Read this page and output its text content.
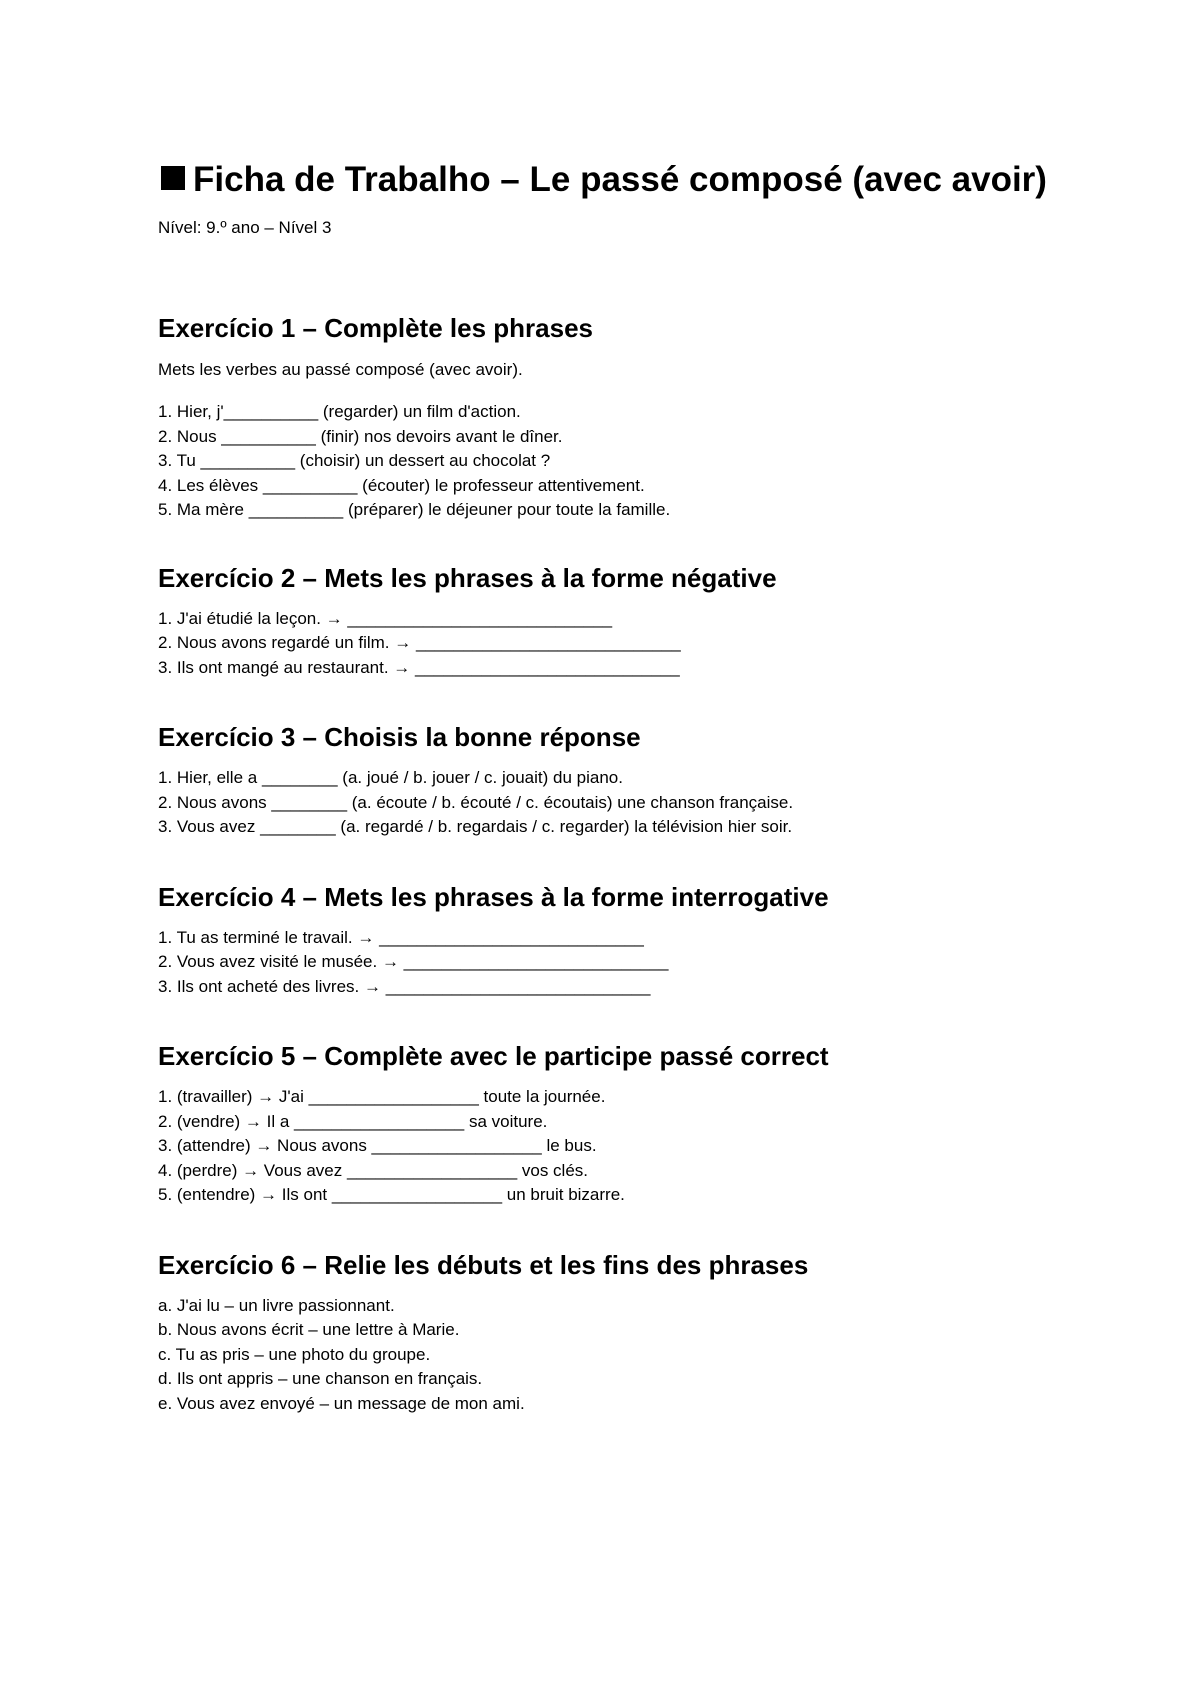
Ficha de Trabalho – Le passé composé (avec avoir)

Nível: 9.º ano – Nível 3

Exercício 1 – Complète les phrases

Mets les verbes au passé composé (avec avoir).

1. Hier, j'__________ (regarder) un film d'action.
2. Nous __________ (finir) nos devoirs avant le dîner.
3. Tu __________ (choisir) un dessert au chocolat ?
4. Les élèves __________ (écouter) le professeur attentivement.
5. Ma mère __________ (préparer) le déjeuner pour toute la famille.
Exercício 2 – Mets les phrases à la forme négative
1. J'ai étudié la leçon. → ____________________________
2. Nous avons regardé un film. → ____________________________
3. Ils ont mangé au restaurant. → ____________________________
Exercício 3 – Choisis la bonne réponse
1. Hier, elle a ________ (a. joué / b. jouer / c. jouait) du piano.
2. Nous avons ________ (a. écoute / b. écouté / c. écoutais) une chanson française.
3. Vous avez ________ (a. regardé / b. regardais / c. regarder) la télévision hier soir.
Exercício 4 – Mets les phrases à la forme interrogative
1. Tu as terminé le travail. → ____________________________
2. Vous avez visité le musée. → ____________________________
3. Ils ont acheté des livres. → ____________________________
Exercício 5 – Complète avec le participe passé correct
1. (travailler) → J'ai __________________ toute la journée.
2. (vendre) → Il a __________________ sa voiture.
3. (attendre) → Nous avons __________________ le bus.
4. (perdre) → Vous avez __________________ vos clés.
5. (entendre) → Ils ont __________________ un bruit bizarre.
Exercício 6 – Relie les débuts et les fins des phrases
a. J'ai lu – un livre passionnant.
b. Nous avons écrit – une lettre à Marie.
c. Tu as pris – une photo du groupe.
d. Ils ont appris – une chanson en français.
e. Vous avez envoyé – un message de mon ami.
